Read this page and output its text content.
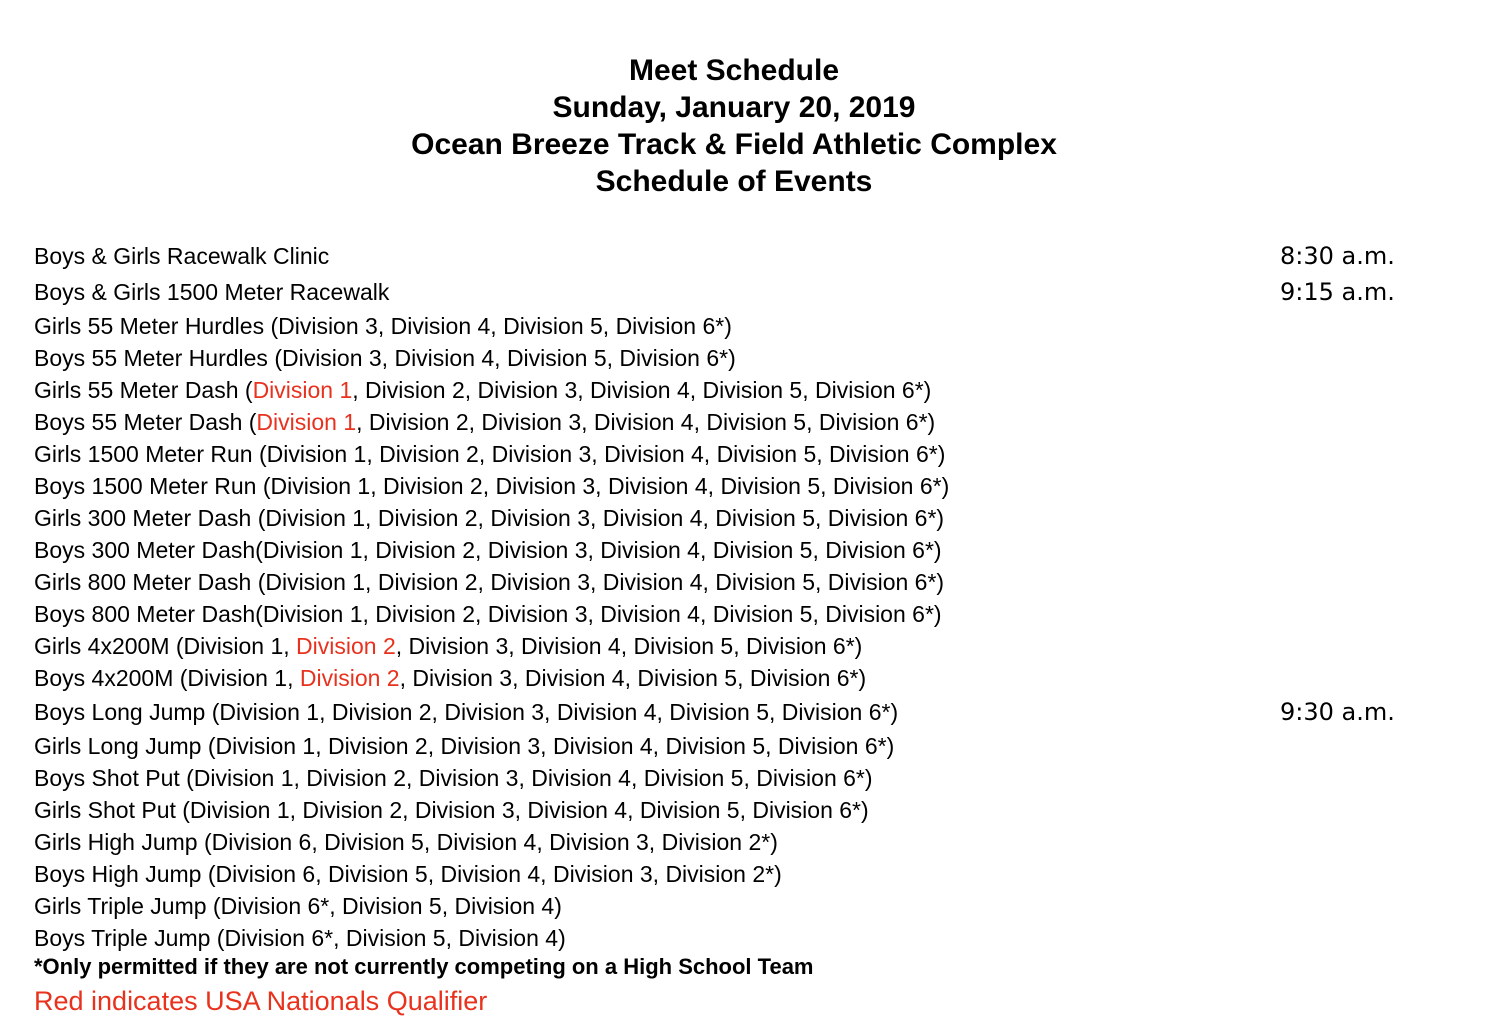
Meet Schedule
Sunday, January 20, 2019
Ocean Breeze Track & Field Athletic Complex
Schedule of Events
Boys & Girls Racewalk Clinic	8:30 a.m.
Boys & Girls 1500 Meter Racewalk	9:15 a.m.
Girls 55 Meter Hurdles (Division 3, Division 4, Division 5, Division 6*)
Boys 55 Meter Hurdles (Division 3, Division 4, Division 5, Division 6*)
Girls 55 Meter Dash (Division 1, Division 2, Division 3, Division 4, Division 5, Division 6*)
Boys 55 Meter Dash (Division 1, Division 2, Division 3, Division 4, Division 5, Division 6*)
Girls 1500 Meter Run (Division 1, Division 2, Division 3, Division 4, Division 5, Division 6*)
Boys 1500 Meter Run (Division 1, Division 2, Division 3, Division 4, Division 5, Division 6*)
Girls 300 Meter Dash (Division 1, Division 2, Division 3, Division 4, Division 5, Division 6*)
Boys 300 Meter Dash(Division 1, Division 2, Division 3, Division 4, Division 5, Division 6*)
Girls 800 Meter Dash (Division 1, Division 2, Division 3, Division 4, Division 5, Division 6*)
Boys 800 Meter Dash(Division 1, Division 2, Division 3, Division 4, Division 5, Division 6*)
Girls 4x200M (Division 1, Division 2, Division 3, Division 4, Division 5, Division 6*)
Boys 4x200M (Division 1, Division 2, Division 3, Division 4, Division 5, Division 6*)
Boys Long Jump (Division 1, Division 2, Division 3, Division 4, Division 5, Division 6*)	9:30 a.m.
Girls Long Jump (Division 1, Division 2, Division 3, Division 4, Division 5, Division 6*)
Boys Shot Put (Division 1, Division 2, Division 3, Division 4, Division 5, Division 6*)
Girls Shot Put (Division 1, Division 2, Division 3, Division 4, Division 5, Division 6*)
Girls High Jump (Division 6, Division 5, Division 4, Division 3, Division 2*)
Boys High Jump (Division 6, Division 5, Division 4, Division 3, Division 2*)
Girls Triple Jump (Division 6*, Division 5, Division 4)
Boys Triple Jump (Division 6*, Division 5, Division 4)
*Only permitted if they are not currently competing on a High School Team
Red indicates USA Nationals Qualifier
